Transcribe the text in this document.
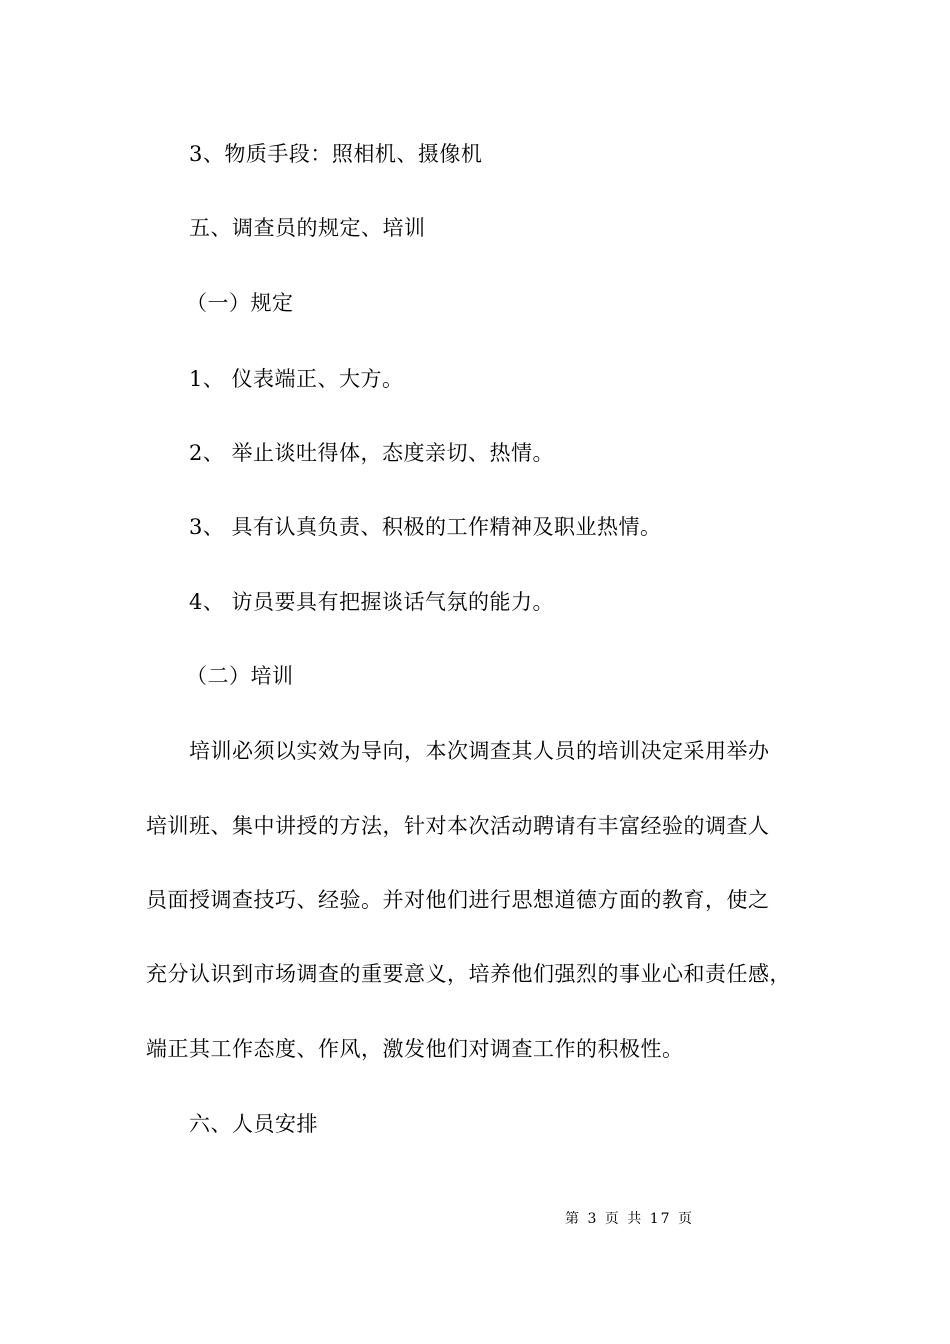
3、物质手段：照相机、摄像机
五、调查员的规定、培训
（一）规定
1、 仪表端正、大方。
2、 举止谈吐得体，态度亲切、热情。
3、 具有认真负责、积极的工作精神及职业热情。
4、 访员要具有把握谈话气氛的能力。
（二）培训
培训必须以实效为导向，本次调查其人员的培训决定采用举办
培训班、集中讲授的方法，针对本次活动聘请有丰富经验的调查人
员面授调查技巧、经验。并对他们进行思想道德方面的教育，使之
充分认识到市场调查的重要意义，培养他们强烈的事业心和责任感，
端正其工作态度、作风，激发他们对调查工作的积极性。
六、人员安排
第 3 页 共 17 页
